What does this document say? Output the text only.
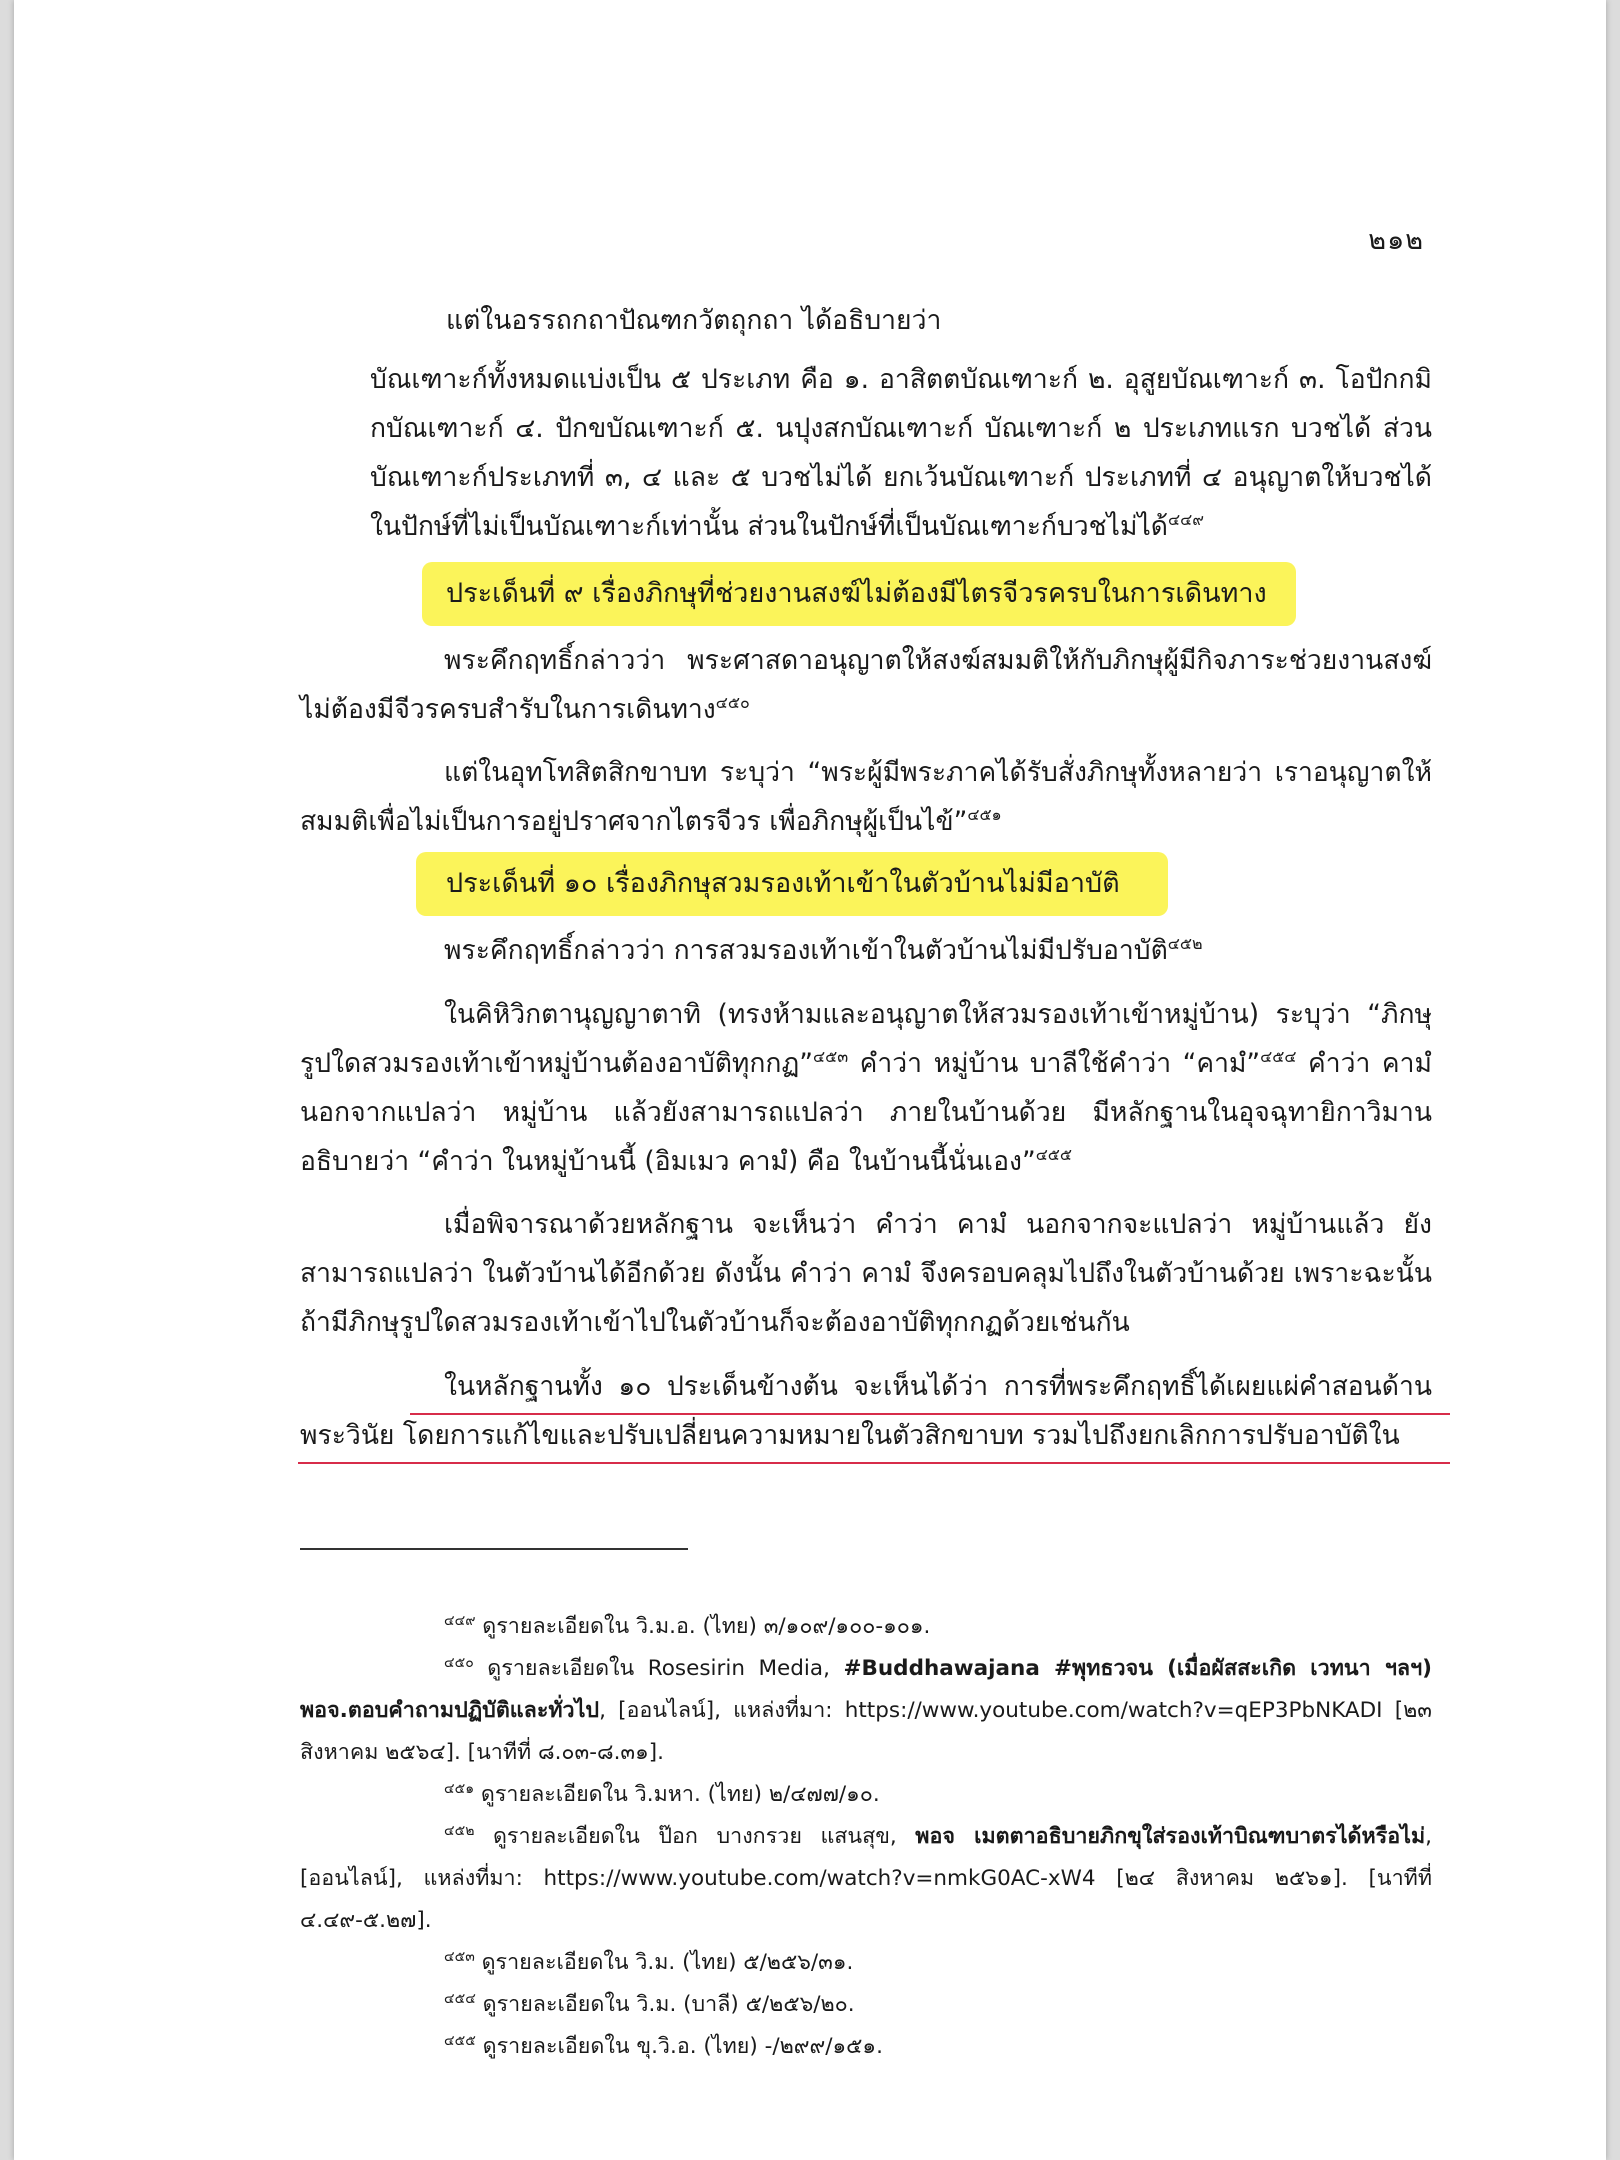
๒๑๒
แต่ในอรรถกถาปัณฑกวัตถุกถา ได้อธิบายว่า
บัณเฑาะก์ทั้งหมดแบ่งเป็น ๕ ประเภท คือ ๑. อาสิตตบัณเฑาะก์ ๒. อุสูยบัณเฑาะก์ ๓. โอปักกมิกบัณเฑาะก์ ๔. ปักขบัณเฑาะก์ ๕. นปุงสกบัณเฑาะก์ บัณเฑาะก์ ๒ ประเภทแรก บวชได้ ส่วนบัณเฑาะก์ประเภทที่ ๓, ๔ และ ๕ บวชไม่ได้ ยกเว้นบัณเฑาะก์ ประเภทที่ ๔ อนุญาตให้บวชได้ในปักษ์ที่ไม่เป็นบัณเฑาะก์เท่านั้น ส่วนในปักษ์ที่เป็นบัณเฑาะก์บวชไม่ได้$^{๔๔๙}$
ประเด็นที่ ๙ เรื่องภิกษุที่ช่วยงานสงฆ์ไม่ต้องมีไตรจีวรครบในการเดินทาง
พระคึกฤทธิ์กล่าวว่า พระศาสดาอนุญาตให้สงฆ์สมมติให้กับภิกษุผู้มีกิจภาระช่วยงานสงฆ์ไม่ต้องมีจีวรครบสำรับในการเดินทาง$^{๔๕๐}$
แต่ในอุทโทสิตสิกขาบท ระบุว่า “พระผู้มีพระภาคได้รับสั่งภิกษุทั้งหลายว่า เราอนุญาตให้สมมติเพื่อไม่เป็นการอยู่ปราศจากไตรจีวร เพื่อภิกษุผู้เป็นไข้”$^{๔๕๑}$
ประเด็นที่ ๑๐ เรื่องภิกษุสวมรองเท้าเข้าในตัวบ้านไม่มีอาบัติ
พระคึกฤทธิ์กล่าวว่า การสวมรองเท้าเข้าในตัวบ้านไม่มีปรับอาบัติ$^{๔๕๒}$
ในคิหิวิกตานุญญาตาทิ (ทรงห้ามและอนุญาตให้สวมรองเท้าเข้าหมู่บ้าน) ระบุว่า “ภิกษุรูปใดสวมรองเท้าเข้าหมู่บ้านต้องอาบัติทุกกฏ”$^{๔๕๓}$ คำว่า หมู่บ้าน บาลีใช้คำว่า “คามํ”$^{๔๕๔}$ คำว่า คามํ นอกจากแปลว่า หมู่บ้าน แล้วยังสามารถแปลว่า ภายในบ้านด้วย มีหลักฐานในอุจฉุทายิกาวิมาน อธิบายว่า “คำว่า ในหมู่บ้านนี้ (อิมเมว คามํ) คือ ในบ้านนี้นั่นเอง”$^{๔๕๕}$
เมื่อพิจารณาด้วยหลักฐาน จะเห็นว่า คำว่า คามํ นอกจากจะแปลว่า หมู่บ้านแล้ว ยังสามารถแปลว่า ในตัวบ้านได้อีกด้วย ดังนั้น คำว่า คามํ จึงครอบคลุมไปถึงในตัวบ้านด้วย เพราะฉะนั้น ถ้ามีภิกษุรูปใดสวมรองเท้าเข้าไปในตัวบ้านก็จะต้องอาบัติทุกกฏด้วยเช่นกัน
ในหลักฐานทั้ง ๑๐ ประเด็นข้างต้น จะเห็นได้ว่า การที่พระคึกฤทธิ์ได้เผยแผ่คำสอนด้านพระวินัย โดยการแก้ไขและปรับเปลี่ยนความหมายในตัวสิกขาบท รวมไปถึงยกเลิกการปรับอาบัติใน
$^{๔๔๙}$ ดูรายละเอียดใน วิ.ม.อ. (ไทย) ๓/๑๐๙/๑๐๐-๑๐๑.
$^{๔๕๐}$ ดูรายละเอียดใน Rosesirin Media, #Buddhawajana #พุทธวจน (เมื่อผัสสะเกิด เวทนา ฯลฯ) พอจ.ตอบคำถามปฏิบัติและทั่วไป, [ออนไลน์], แหล่งที่มา: https://www.youtube.com/watch?v=qEP3PbNKADI [๒๓ สิงหาคม ๒๕๖๔]. [นาทีที่ ๘.๐๓-๘.๓๑].
$^{๔๕๑}$ ดูรายละเอียดใน วิ.มหา. (ไทย) ๒/๔๗๗/๑๐.
$^{๔๕๒}$ ดูรายละเอียดใน ป๊อก บางกรวย แสนสุข, พอจ เมตตาอธิบายภิกขุใส่รองเท้าบิณฑบาตรได้หรือไม่, [ออนไลน์], แหล่งที่มา: https://www.youtube.com/watch?v=nmkG0AC-xW4 [๒๔ สิงหาคม ๒๕๖๑]. [นาทีที่ ๔.๔๙-๕.๒๗].
$^{๔๕๓}$ ดูรายละเอียดใน วิ.ม. (ไทย) ๕/๒๕๖/๓๑.
$^{๔๕๔}$ ดูรายละเอียดใน วิ.ม. (บาลี) ๕/๒๕๖/๒๐.
$^{๔๕๕}$ ดูรายละเอียดใน ขุ.วิ.อ. (ไทย) -/๒๙๙/๑๕๑.
